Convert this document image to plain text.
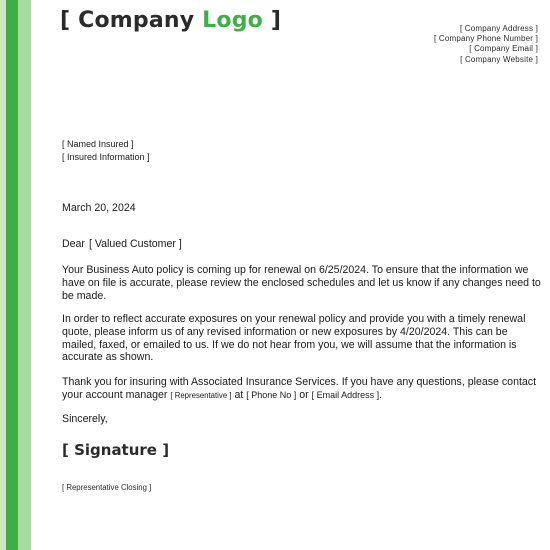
[ Company Logo ]	[ Company Address ]
[ Company Phone Number ]
[ Company Email ]
[ Company Website ]
[ Named Insured ]
[ Insured Information ]
March 20, 2024
Dear [ Valued Customer ]
Your Business Auto policy is coming up for renewal on 6/25/2024. To ensure that the information we have on file is accurate, please review the enclosed schedules and let us know if any changes need to be made.
In order to reflect accurate exposures on your renewal policy and provide you with a timely renewal quote, please inform us of any revised information or new exposures by 4/20/2024. This can be mailed, faxed, or emailed to us. If we do not hear from you, we will assume that the information is accurate as shown.
Thank you for insuring with Associated Insurance Services. If you have any questions, please contact your account manager [ Representative ] at [ Phone No ] or [ Email Address ].
Sincerely,
[ Signature ]
[ Representative Closing ]
